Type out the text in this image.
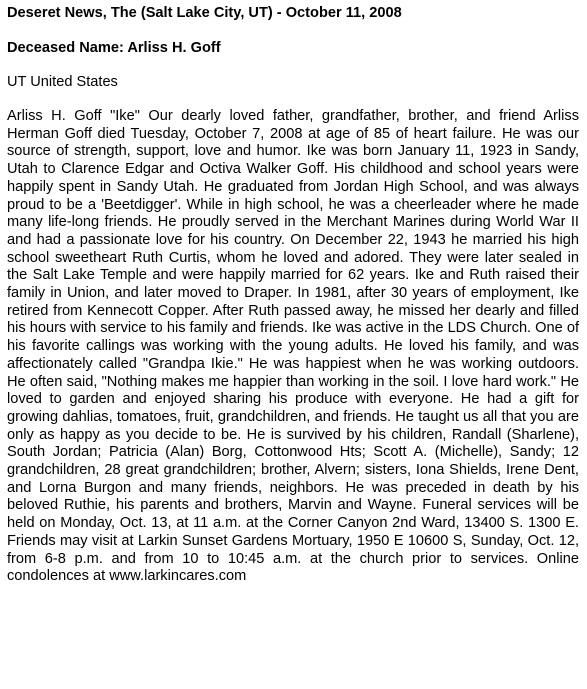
Deseret News, The (Salt Lake City, UT) - October 11, 2008
Deceased Name: Arliss H. Goff
UT United States
Arliss H. Goff "Ike" Our dearly loved father, grandfather, brother, and friend Arliss Herman Goff died Tuesday, October 7, 2008 at age of 85 of heart failure. He was our source of strength, support, love and humor. Ike was born January 11, 1923 in Sandy, Utah to Clarence Edgar and Octiva Walker Goff. His childhood and school years were happily spent in Sandy Utah. He graduated from Jordan High School, and was always proud to be a 'Beetdigger'. While in high school, he was a cheerleader where he made many life-long friends. He proudly served in the Merchant Marines during World War II and had a passionate love for his country. On December 22, 1943 he married his high school sweetheart Ruth Curtis, whom he loved and adored. They were later sealed in the Salt Lake Temple and were happily married for 62 years. Ike and Ruth raised their family in Union, and later moved to Draper. In 1981, after 30 years of employment, Ike retired from Kennecott Copper. After Ruth passed away, he missed her dearly and filled his hours with service to his family and friends. Ike was active in the LDS Church. One of his favorite callings was working with the young adults. He loved his family, and was affectionately called "Grandpa Ikie." He was happiest when he was working outdoors. He often said, "Nothing makes me happier than working in the soil. I love hard work." He loved to garden and enjoyed sharing his produce with everyone. He had a gift for growing dahlias, tomatoes, fruit, grandchildren, and friends. He taught us all that you are only as happy as you decide to be. He is survived by his children, Randall (Sharlene), South Jordan; Patricia (Alan) Borg, Cottonwood Hts; Scott A. (Michelle), Sandy; 12 grandchildren, 28 great grandchildren; brother, Alvern; sisters, Iona Shields, Irene Dent, and Lorna Burgon and many friends, neighbors. He was preceded in death by his beloved Ruthie, his parents and brothers, Marvin and Wayne. Funeral services will be held on Monday, Oct. 13, at 11 a.m. at the Corner Canyon 2nd Ward, 13400 S. 1300 E. Friends may visit at Larkin Sunset Gardens Mortuary, 1950 E 10600 S, Sunday, Oct. 12, from 6-8 p.m. and from 10 to 10:45 a.m. at the church prior to services. Online condolences at www.larkincares.com
